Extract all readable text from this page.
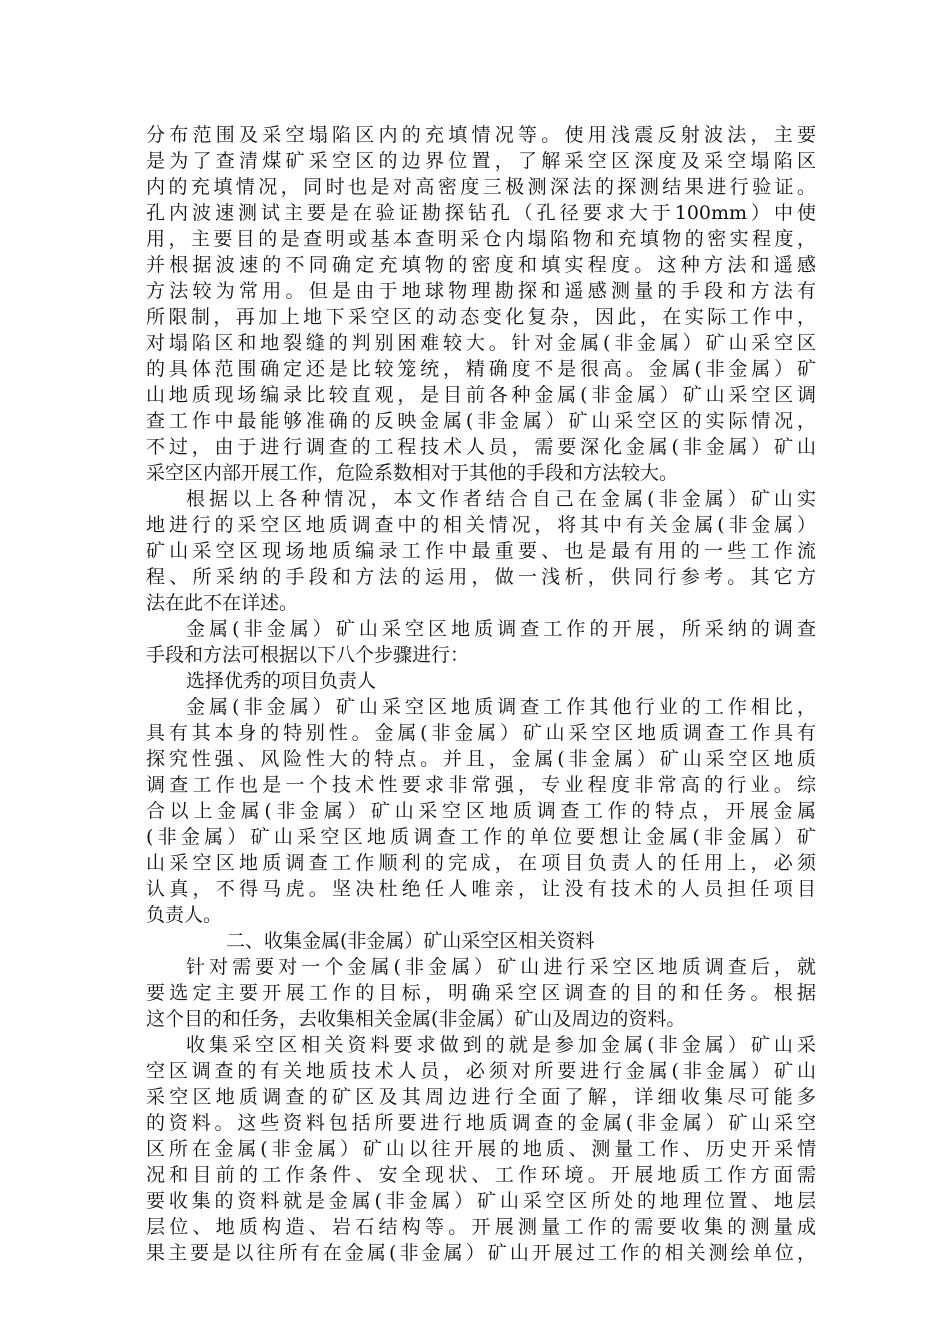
分布范围及采空塌陷区内的充填情况等。使用浅震反射波法，主要
是为了查清煤矿采空区的边界位置，了解采空区深度及采空塌陷区
内的充填情况，同时也是对高密度三极测深法的探测结果进行验证。
孔内波速测试主要是在验证勘探钻孔（孔径要求大于100mm）中使
用，主要目的是查明或基本查明采仓内塌陷物和充填物的密实程度，
并根据波速的不同确定充填物的密度和填实程度。这种方法和遥感
方法较为常用。但是由于地球物理勘探和遥感测量的手段和方法有
所限制，再加上地下采空区的动态变化复杂，因此，在实际工作中，
对塌陷区和地裂缝的判别困难较大。针对金属(非金属）矿山采空区
的具体范围确定还是比较笼统，精确度不是很高。金属(非金属）矿
山地质现场编录比较直观，是目前各种金属(非金属）矿山采空区调
查工作中最能够准确的反映金属(非金属）矿山采空区的实际情况，
不过，由于进行调查的工程技术人员，需要深化金属(非金属）矿山
采空区内部开展工作，危险系数相对于其他的手段和方法较大。
根据以上各种情况，本文作者结合自己在金属(非金属）矿山实
地进行的采空区地质调查中的相关情况，将其中有关金属(非金属）
矿山采空区现场地质编录工作中最重要、也是最有用的一些工作流
程、所采纳的手段和方法的运用，做一浅析，供同行参考。其它方
法在此不在详述。
金属(非金属）矿山采空区地质调查工作的开展，所采纳的调查
手段和方法可根据以下八个步骤进行：
选择优秀的项目负责人
金属(非金属）矿山采空区地质调查工作其他行业的工作相比，
具有其本身的特别性。金属(非金属）矿山采空区地质调查工作具有
探究性强、风险性大的特点。并且，金属(非金属）矿山采空区地质
调查工作也是一个技术性要求非常强，专业程度非常高的行业。综
合以上金属(非金属）矿山采空区地质调查工作的特点，开展金属
(非金属）矿山采空区地质调查工作的单位要想让金属(非金属）矿
山采空区地质调查工作顺利的完成，在项目负责人的任用上，必须
认真，不得马虎。坚决杜绝任人唯亲，让没有技术的人员担任项目
负责人。
二、收集金属(非金属）矿山采空区相关资料
针对需要对一个金属(非金属）矿山进行采空区地质调查后，就
要选定主要开展工作的目标，明确采空区调查的目的和任务。根据
这个目的和任务，去收集相关金属(非金属）矿山及周边的资料。
收集采空区相关资料要求做到的就是参加金属(非金属）矿山采
空区调查的有关地质技术人员，必须对所要进行金属(非金属）矿山
采空区地质调查的矿区及其周边进行全面了解，详细收集尽可能多
的资料。这些资料包括所要进行地质调查的金属(非金属）矿山采空
区所在金属(非金属）矿山以往开展的地质、测量工作、历史开采情
况和目前的工作条件、安全现状、工作环境。开展地质工作方面需
要收集的资料就是金属(非金属）矿山采空区所处的地理位置、地层
层位、地质构造、岩石结构等。开展测量工作的需要收集的测量成
果主要是以往所有在金属(非金属）矿山开展过工作的相关测绘单位，
